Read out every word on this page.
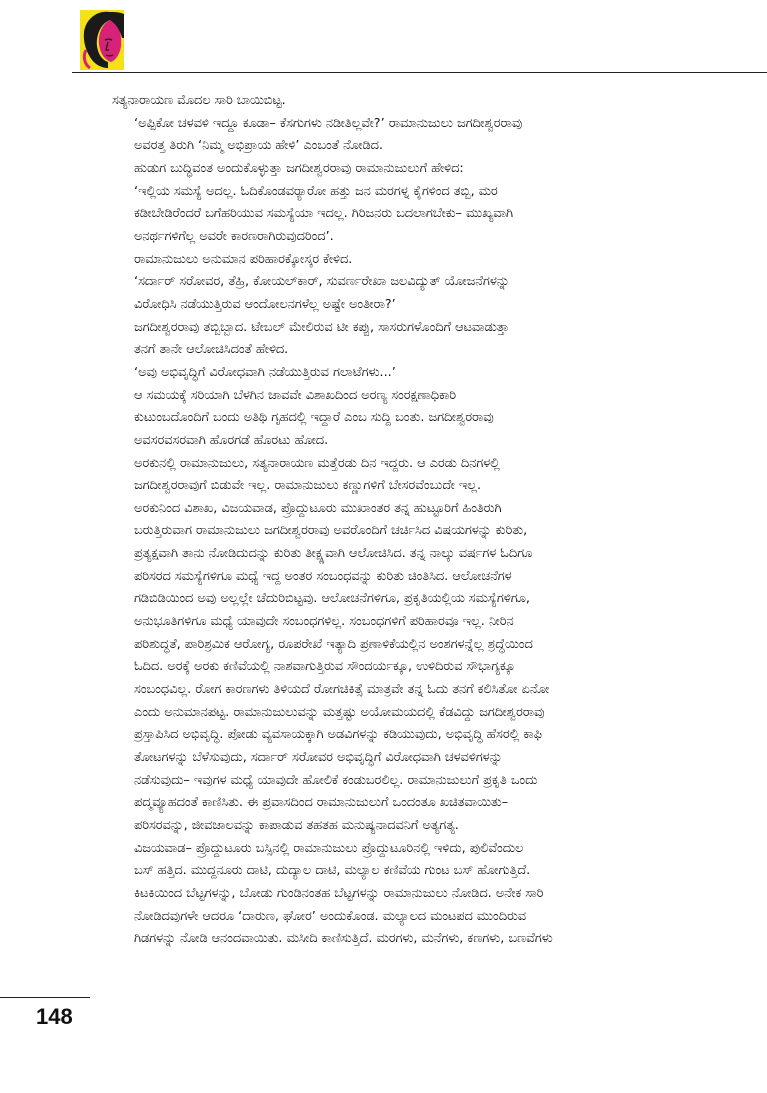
ಸತ್ಯನಾರಾಯಣ ಮೊದಲ ಸಾರಿ ಬಾಯಿಬಿಟ್ಟ.

‘ಅಪ್ಪಿಕೋ ಚಳವಳಿ ಇದ್ದೂ ಕೂಡಾ– ಕೆಸಗುಗಳು ನಡೀತಿಲ್ಲವೇ?’ ರಾಮಾನುಜುಲು ಜಗದೀಶ್ವರರಾವು
ಅವರತ್ತ ತಿರುಗಿ ‘ನಿಮ್ಮ ಅಭಿಪ್ರಾಯ ಹೇಳಿ’ ಎಂಬಂತೆ ನೋಡಿದ.

ಹುಡುಗ ಬುದ್ಧಿವಂತ ಅಂದುಕೊಳ್ಳುತ್ತಾ ಜಗದೀಶ್ವರರಾವು ರಾಮಾನುಜುಲುಗೆ ಹೇಳಿದ:

‘ಇಲ್ಲಿಯ ಸಮಸ್ಯೆ ಅದಲ್ಲ. ಓದಿಕೊಂಡವರ್‍ಯಾರೋ ಹತ್ತು ಜನ ಮರಗಳ್ನ ಕೈಗಳಿಂದ ತಬ್ಬಿ, ಮರ
ಕಡೀಬೇಡಿರೆಂದರೆ ಬಗೆಹರಿಯುವ ಸಮಸ್ಯೆಯಾ ಇದಲ್ಲ. ಗಿರಿಜನರು ಬದಲಾಗಬೇಕು– ಮುಖ್ಯವಾಗಿ
ಅನರ್ಥಗಳಿಗೆಲ್ಲ ಅವರೇ ಕಾರಣರಾಗಿರುವುದರಿಂದ’.

ರಾಮಾನುಜುಲು ಅನುಮಾನ ಪರಿಹಾರಕ್ಕೋಸ್ಕರ ಕೇಳಿದ.

‘ಸರ್ದಾರ್ ಸರೋವರ, ತೆಹ್ರಿ, ಕೋಯಲ್‌ಕಾರ್, ಸುವರ್ಣರೇಖಾ ಜಲವಿದ್ಯುತ್ ಯೋಜನೆಗಳನ್ನು
ವಿರೋಧಿಸಿ ನಡೆಯುತ್ತಿರುವ ಆಂದೋಲನಗಳೆಲ್ಲ ಅಷ್ಟೇ ಅಂತೀರಾ?’

ಜಗದೀಶ್ವರರಾವು ತಬ್ಬಿಬ್ಬಾದ. ಟೇಬಲ್ ಮೇಲಿರುವ ಟೀ ಕಪ್ಪು, ಸಾಸರುಗಳೊಂದಿಗೆ ಆಟವಾಡುತ್ತಾ
ತನಗೆ ತಾನೇ ಆಲೋಚಿಸಿದಂತೆ ಹೇಳಿದ.

‘ಅವು ಅಭಿವೃದ್ಧಿಗೆ ವಿರೋಧವಾಗಿ ನಡೆಯುತ್ತಿರುವ ಗಲಾಟೆಗಳು...’

ಆ ಸಮಯಕ್ಕೆ ಸರಿಯಾಗಿ ಬೆಳಗಿನ ಜಾವವೇ ವಿಶಾಖದಿಂದ ಅರಣ್ಯ ಸಂರಕ್ಷಣಾಧಿಕಾರಿ
ಕುಟುಂಬದೊಂದಿಗೆ ಬಂದು ಅತಿಥಿ ಗೃಹದಲ್ಲಿ ಇದ್ದಾರೆ ಎಂಬ ಸುದ್ದಿ ಬಂತು. ಜಗದೀಶ್ವರರಾವು
ಅವಸರವಸರವಾಗಿ ಹೊರಗಡೆ ಹೊರಟು ಹೋದ.

ಅರಕುನಲ್ಲಿ ರಾಮಾನುಜುಲು, ಸತ್ಯನಾರಾಯಣ ಮತ್ತೆರಡು ದಿನ ಇದ್ದರು. ಆ ಎರಡು ದಿನಗಳಲ್ಲಿ
ಜಗದೀಶ್ವರರಾವುಗೆ ಬಿಡುವೇ ಇಲ್ಲ. ರಾಮಾನುಜುಲು ಕಣ್ಣುಗಳಿಗೆ ಬೇಸರವೆಂಬುದೇ ಇಲ್ಲ.

ಅರಕುನಿಂದ ವಿಶಾಖ, ವಿಜಯವಾಡ, ಪ್ರೊದ್ದುಟೂರು ಮುಖಾಂತರ ತನ್ನ ಹುಟ್ಟೂರಿಗೆ ಹಿಂತಿರುಗಿ
ಬರುತ್ತಿರುವಾಗ ರಾಮಾನುಜುಲು ಜಗದೀಶ್ವರರಾವು ಅವರೊಂದಿಗೆ ಚರ್ಚಿಸಿದ ವಿಷಯಗಳನ್ನು ಕುರಿತು,
ಪ್ರತ್ಯಕ್ಷವಾಗಿ ತಾನು ನೋಡಿದುದನ್ನು ಕುರಿತು ತೀಕ್ಷ್ಣವಾಗಿ ಆಲೋಚಿಸಿದ. ತನ್ನ ನಾಲ್ಕು ವರ್ಷಗಳ ಓದಿಗೂ
ಪರಿಸರದ ಸಮಸ್ಯೆಗಳಿಗೂ ಮಧ್ಯೆ ಇದ್ದ ಅಂತರ ಸಂಬಂಧವನ್ನು ಕುರಿತು ಚಿಂತಿಸಿದ. ಆಲೋಚನೆಗಳ
ಗಡಿಬಿಡಿಯಿಂದ ಅವು ಅಲ್ಲಲ್ಲೇ ಚೆದುರಿಬಿಟ್ಟವು. ಆಲೋಚನೆಗಳಿಗೂ, ಪ್ರಕೃತಿಯಲ್ಲಿಯ ಸಮಸ್ಯೆಗಳಿಗೂ,
ಅನುಭೂತಿಗಳಿಗೂ ಮಧ್ಯೆ ಯಾವುದೇ ಸಂಬಂಧಗಳಿಲ್ಲ. ಸಂಬಂಧಗಳಿಗೆ ಪರಿಹಾರವೂ ಇಲ್ಲ. ನೀರಿನ
ಪರಿಶುದ್ಧತೆ, ಪಾರಿಶ್ರಮಿಕ ಆರೋಗ್ಯ, ರೂಪರೇಖೆ ಇತ್ಯಾದಿ ಪ್ರಣಾಳಿಕೆಯಲ್ಲಿನ ಅಂಶಗಳನ್ನೆಲ್ಲ ಶ್ರದ್ಧೆಯಿಂದ
ಓದಿದ. ಅರಕ್ಕೆ ಅರಕು ಕಣಿವೆಯಲ್ಲಿ ನಾಶವಾಗುತ್ತಿರುವ ಸೌಂದರ್ಯಕ್ಕೂ, ಉಳಿದಿರುವ ಸೌಭಾಗ್ಯಕ್ಕೂ
ಸಂಬಂಧವಿಲ್ಲ. ರೋಗ ಕಾರಣಗಳು ತಿಳಿಯದೆ ರೋಗಚಿಕಿತ್ಸೆ ಮಾತ್ರವೇ ತನ್ನ ಓದು ತನಗೆ ಕಲಿಸಿತೋ ಏನೋ
ಎಂದು ಅನುಮಾನಪಟ್ಟ. ರಾಮಾನುಜುಲುವನ್ನು ಮತ್ತಷ್ಟು ಅಯೋಮಯದಲ್ಲಿ ಕೆಡವಿದ್ದು ಜಗದೀಶ್ವರರಾವು
ಪ್ರಸ್ತಾಪಿಸಿದ ಅಭಿವೃದ್ಧಿ. ಪೋಡು ವ್ಯವಸಾಯಕ್ಕಾಗಿ ಅಡವಿಗಳನ್ನು ಕಡಿಯುವುದು, ಅಭಿವೃದ್ಧಿ ಹೆಸರಲ್ಲಿ ಕಾಫಿ
ತೋಟಗಳನ್ನು ಬೆಳೆಸುವುದು, ಸರ್ದಾರ್ ಸರೋವರ ಅಭಿವೃದ್ಧಿಗೆ ವಿರೋಧವಾಗಿ ಚಳವಳಿಗಳನ್ನು
ನಡೆಸುವುದು– ಇವುಗಳ ಮಧ್ಯೆ ಯಾವುದೇ ಹೋಲಿಕೆ ಕಂಡುಬರಲಿಲ್ಲ. ರಾಮಾನುಜುಲುಗೆ ಪ್ರಕೃತಿ ಒಂದು
ಪದ್ಮವ್ಯೂಹದಂತೆ ಕಾಣಿಸಿತು. ಈ ಪ್ರವಾಸದಿಂದ ರಾಮಾನುಜುಲುಗೆ ಒಂದಂತೂ ಖಚಿತವಾಯಿತು–
ಪರಿಸರವನ್ನು, ಜೀವಜಾಲವನ್ನು ಕಾಪಾಡುವ ತಹತಹ ಮನುಷ್ಯನಾದವನಿಗೆ ಅತ್ಯಗತ್ಯ.

ವಿಜಯವಾಡ– ಪ್ರೊದ್ದುಟೂರು ಬಸ್ಸಿನಲ್ಲಿ ರಾಮಾನುಜುಲು ಪ್ರೊದ್ದುಟೂರಿನಲ್ಲಿ ಇಳಿದು, ಪುಲಿವೆಂದುಲ
ಬಸ್ ಹತ್ತಿದ. ಮುದ್ದನೂರು ದಾಟಿ, ದುದ್ಯಾಲ ದಾಟಿ, ಮಲ್ಯಾಲ ಕಣಿವೆಯ ಗುಂಟ ಬಸ್ ಹೋಗುತ್ತಿದೆ.
ಕಿಟಕಿಯಿಂದ ಬೆಟ್ಟಗಳನ್ನು, ಬೋಡು ಗುಂಡಿನಂತಹ ಬೆಟ್ಟಗಳನ್ನು ರಾಮಾನುಜುಲು ನೋಡಿದ. ಅನೇಕ ಸಾರಿ
ನೋಡಿದವುಗಳೇ ಆದರೂ ‘ದಾರುಣ, ಘೋರ’ ಅಂದುಕೊಂಡ. ಮಲ್ಯಾಲದ ಮಂಟಪದ ಮುಂದಿರುವ
ಗಿಡಗಳನ್ನು ನೋಡಿ ಆನಂದವಾಯಿತು. ಮಸೀದಿ ಕಾಣಿಸುತ್ತಿದೆ. ಮರಗಳು, ಮನೆಗಳು, ಕಣಗಳು, ಬಣವೆಗಳು

148
